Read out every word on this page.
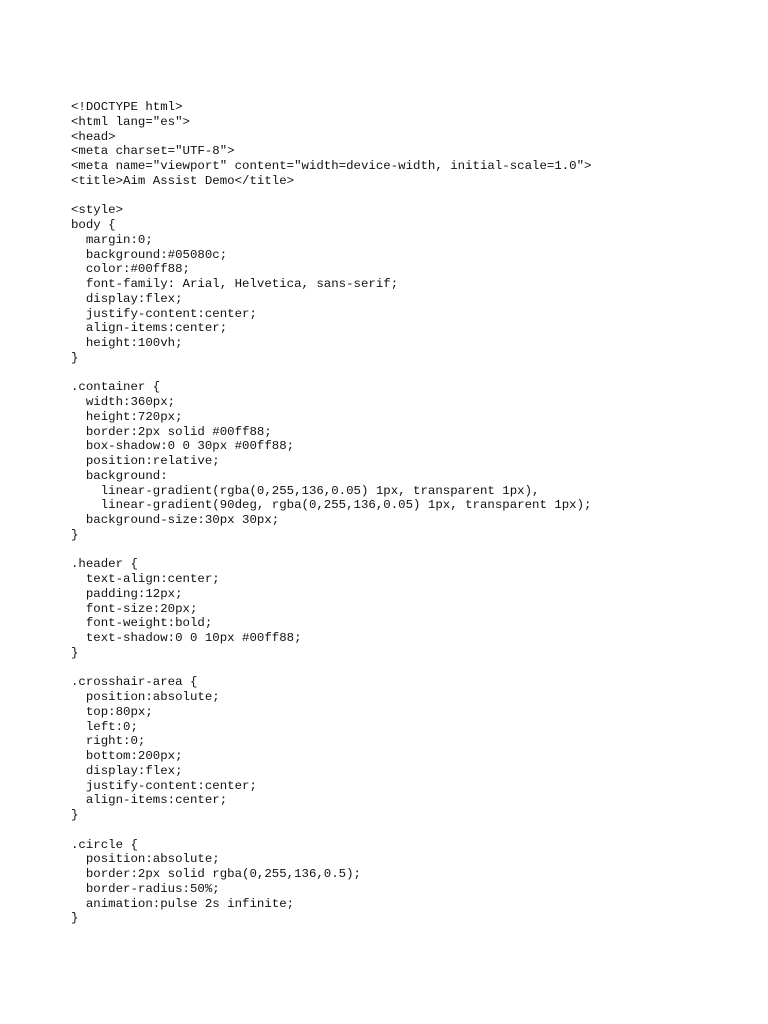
<!DOCTYPE html>
<html lang="es">
<head>
<meta charset="UTF-8">
<meta name="viewport" content="width=device-width, initial-scale=1.0">
<title>Aim Assist Demo</title>
<style>
body {
margin:0;
background:#05080c;
color:#00ff88;
font-family: Arial, Helvetica, sans-serif;
display:flex;
justify-content:center;
align-items:center;
height:100vh;
}
.container {
width:360px;
height:720px;
border:2px solid #00ff88;
box-shadow:0 0 30px #00ff88;
position:relative;
background:
linear-gradient(rgba(0,255,136,0.05) 1px, transparent 1px),
linear-gradient(90deg, rgba(0,255,136,0.05) 1px, transparent 1px);
background-size:30px 30px;
}
.header {
text-align:center;
padding:12px;
font-size:20px;
font-weight:bold;
text-shadow:0 0 10px #00ff88;
}
.crosshair-area {
position:absolute;
top:80px;
left:0;
right:0;
bottom:200px;
display:flex;
justify-content:center;
align-items:center;
}
.circle {
position:absolute;
border:2px solid rgba(0,255,136,0.5);
border-radius:50%;
animation:pulse 2s infinite;
}
